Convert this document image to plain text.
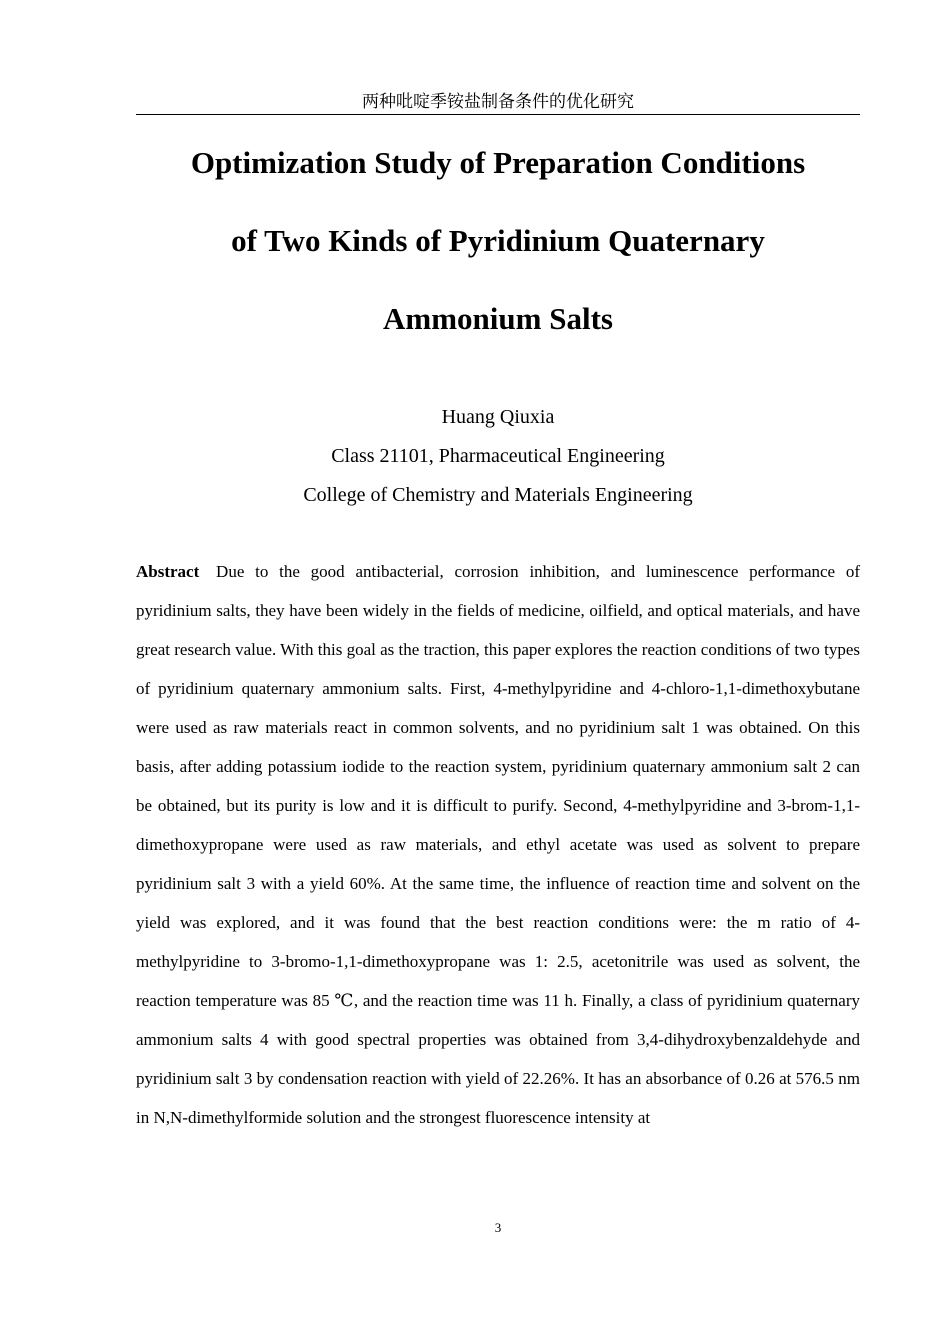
两种吡啶季铵盐制备条件的优化研究
Optimization Study of Preparation Conditions
of Two Kinds of Pyridinium Quaternary
Ammonium Salts
Huang Qiuxia
Class 21101, Pharmaceutical Engineering
College of Chemistry and Materials Engineering

Abstract Due to the good antibacterial, corrosion inhibition, and luminescence performance of pyridinium salts, they have been widely in the fields of medicine, oilfield, and optical materials, and have great research value. With this goal as the traction, this paper explores the reaction conditions of two types of pyridinium quaternary ammonium salts. First, 4-methylpyridine and 4-chloro-1,1-dimethoxybutane were used as raw materials react in common solvents, and no pyridinium salt 1 was obtained. On this basis, after adding potassium iodide to the reaction system, pyridinium quaternary ammonium salt 2 can be obtained, but its purity is low and it is difficult to purify. Second, 4-methylpyridine and 3-brom-1,1-dimethoxypropane were used as raw materials, and ethyl acetate was used as solvent to prepare pyridinium salt 3 with a yield 60%. At the same time, the influence of reaction time and solvent on the yield was explored, and it was found that the best reaction conditions were: the m ratio of 4-methylpyridine to 3-bromo-1,1-dimethoxypropane was 1: 2.5, acetonitrile was used as solvent, the reaction temperature was 85 ℃, and the reaction time was 11 h. Finally, a class of pyridinium quaternary ammonium salts 4 with good spectral properties was obtained from 3,4-dihydroxybenzaldehyde and pyridinium salt 3 by condensation reaction with yield of 22.26%. It has an absorbance of 0.26 at 576.5 nm in N,N-dimethylformide solution and the strongest fluorescence intensity at

3
